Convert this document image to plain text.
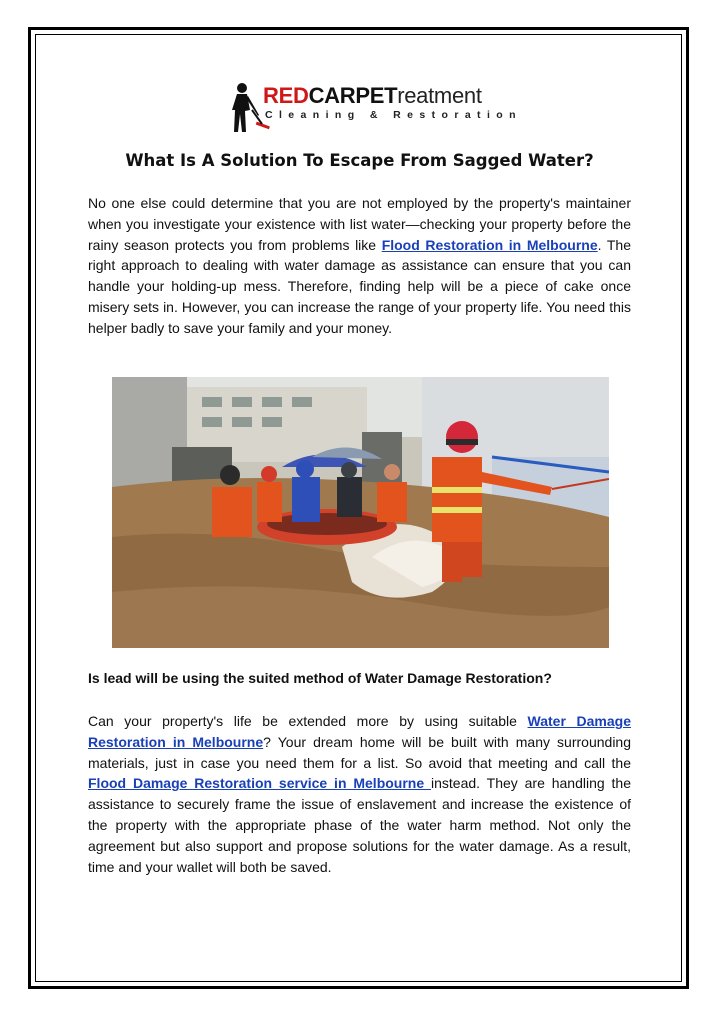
REDCARPETreatment
Cleaning & Restoration
What Is A Solution To Escape From Sagged Water?

No one else could determine that you are not employed by the property's maintainer when you investigate your existence with list water—checking your property before the rainy season protects you from problems like Flood Restoration in Melbourne. The right approach to dealing with water damage as assistance can ensure that you can handle your holding-up mess. Therefore, finding help will be a piece of cake once misery sets in. However, you can increase the range of your property life. You need this helper badly to save your family and your money.

Is lead will be using the suited method of Water Damage Restoration?

Can your property's life be extended more by using suitable Water Damage Restoration in Melbourne? Your dream home will be built with many surrounding materials, just in case you need them for a list. So avoid that meeting and call the Flood Damage Restoration service in Melbourne instead. They are handling the assistance to securely frame the issue of enslavement and increase the existence of the property with the appropriate phase of the water harm method. Not only the agreement but also support and propose solutions for the water damage. As a result, time and your wallet will both be saved.
